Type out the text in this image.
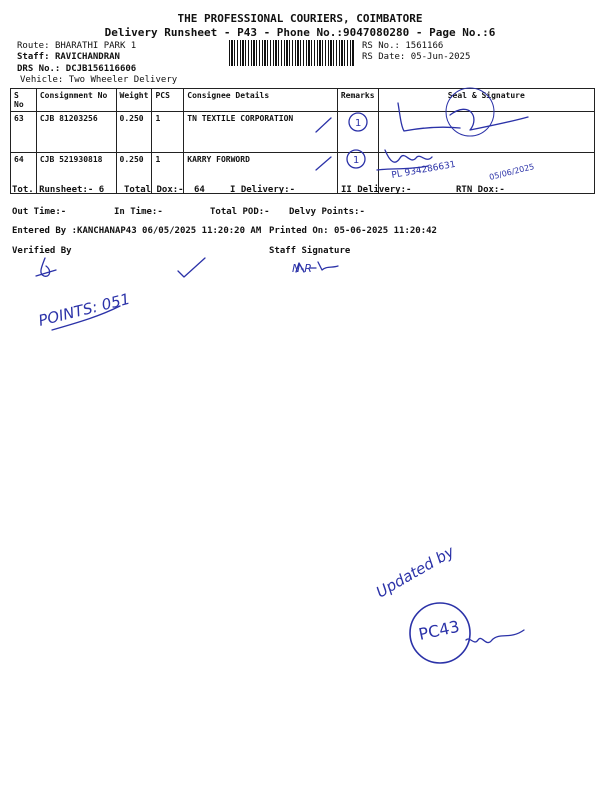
THE PROFESSIONAL COURIERS, COIMBATORE
Delivery Runsheet - P43 - Phone No.:9047080280 - Page No.:6
Route: BHARATHI PARK 1
Staff: RAVICHANDRAN
DRS No.: DCJB156116606
Vehicle: Two Wheeler Delivery
RS No.: 1561166
RS Date: 05-Jun-2025
S No	Consignment No	Weight	PCS	Consignee Details	Remarks	Seal & Signature
63	CJB 81203256	0.250	1	TN TEXTILE CORPORATION		
64	CJB 521930818	0.250	1	KARRY FORWORD		
Tot. Runsheet:- 6 Total Dox:- 64	I Delivery:-	II Delivery:-	RTN Dox:-
Out Time:-	In Time:-	Total POD:- Delvy Points:-
Entered By :KANCHANAP43 06/05/2025 11:20:20 AM Printed On: 05-06-2025 11:20:42
Verified By	Staff Signature
1
1	PL 934286631	05/06/2025
N-R
POINTS: 051
Updated by
PC43
